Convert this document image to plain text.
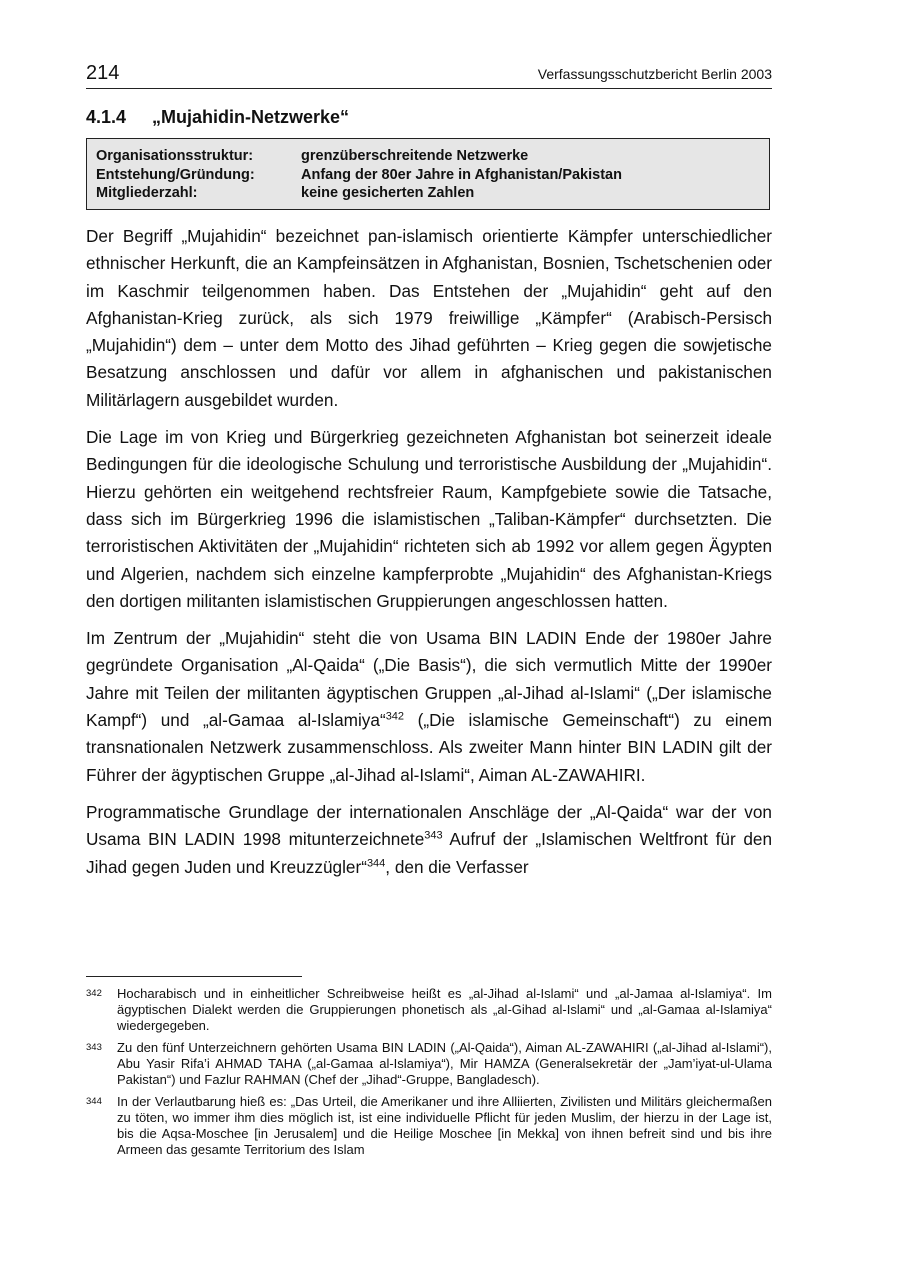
214	Verfassungsschutzbericht Berlin 2003
4.1.4 „Mujahidin-Netzwerke“
Organisationsstruktur:	grenzüberschreitende Netzwerke
Entstehung/Gründung:	Anfang der 80er Jahre in Afghanistan/Pakistan
Mitgliederzahl:	keine gesicherten Zahlen

Der Begriff „Mujahidin“ bezeichnet pan-islamisch orientierte Kämpfer unterschiedlicher ethnischer Herkunft, die an Kampfeinsätzen in Afghanistan, Bosnien, Tschetschenien oder im Kaschmir teilgenommen haben. Das Entstehen der „Mujahidin“ geht auf den Afghanistan-Krieg zurück, als sich 1979 freiwillige „Kämpfer“ (Arabisch-Persisch „Mujahidin“) dem – unter dem Motto des Jihad geführten – Krieg gegen die sowjetische Besatzung anschlossen und dafür vor allem in afghanischen und pakistanischen Militärlagern ausgebildet wurden.

Die Lage im von Krieg und Bürgerkrieg gezeichneten Afghanistan bot seinerzeit ideale Bedingungen für die ideologische Schulung und terroristische Ausbildung der „Mujahidin“. Hierzu gehörten ein weitgehend rechtsfreier Raum, Kampfgebiete sowie die Tatsache, dass sich im Bürgerkrieg 1996 die islamistischen „Taliban-Kämpfer“ durchsetzten. Die terroristischen Aktivitäten der „Mujahidin“ richteten sich ab 1992 vor allem gegen Ägypten und Algerien, nachdem sich einzelne kampferprobte „Mujahidin“ des Afghanistan-Kriegs den dortigen militanten islamistischen Gruppierungen angeschlossen hatten.

Im Zentrum der „Mujahidin“ steht die von Usama BIN LADIN Ende der 1980er Jahre gegründete Organisation „Al-Qaida“ („Die Basis“), die sich vermutlich Mitte der 1990er Jahre mit Teilen der militanten ägyptischen Gruppen „al-Jihad al-Islami“ („Der islamische Kampf“) und „al-Gamaa al-Islamiya“$^{342}$ („Die islamische Gemeinschaft“) zu einem transnationalen Netzwerk zusammenschloss. Als zweiter Mann hinter BIN LADIN gilt der Führer der ägyptischen Gruppe „al-Jihad al-Islami“, Aiman AL-ZAWAHIRI.

Programmatische Grundlage der internationalen Anschläge der „Al-Qaida“ war der von Usama BIN LADIN 1998 mitunterzeichnete$^{343}$ Aufruf der „Islamischen Weltfront für den Jihad gegen Juden und Kreuzzügler“$^{344}$, den die Verfasser

342	Hocharabisch und in einheitlicher Schreibweise heißt es „al-Jihad al-Islami“ und „al-Jamaa al-Islamiya“. Im ägyptischen Dialekt werden die Gruppierungen phonetisch als „al-Gihad al-Islami“ und „al-Gamaa al-Islamiya“ wiedergegeben.

343	Zu den fünf Unterzeichnern gehörten Usama BIN LADIN („Al-Qaida“), Aiman AL-ZAWAHIRI („al-Jihad al-Islami“), Abu Yasir Rifa’i AHMAD TAHA („al-Gamaa al-Islamiya“), Mir HAMZA (Generalsekretär der „Jam’iyat-ul-Ulama Pakistan“) und Fazlur RAHMAN (Chef der „Jihad“-Gruppe, Bangladesch).

344	In der Verlautbarung hieß es: „Das Urteil, die Amerikaner und ihre Alliierten, Zivilisten und Militärs gleichermaßen zu töten, wo immer ihm dies möglich ist, ist eine individuelle Pflicht für jeden Muslim, der hierzu in der Lage ist, bis die Aqsa-Moschee [in Jerusalem] und die Heilige Moschee [in Mekka] von ihnen befreit sind und bis ihre Armeen das gesamte Territorium des Islam
